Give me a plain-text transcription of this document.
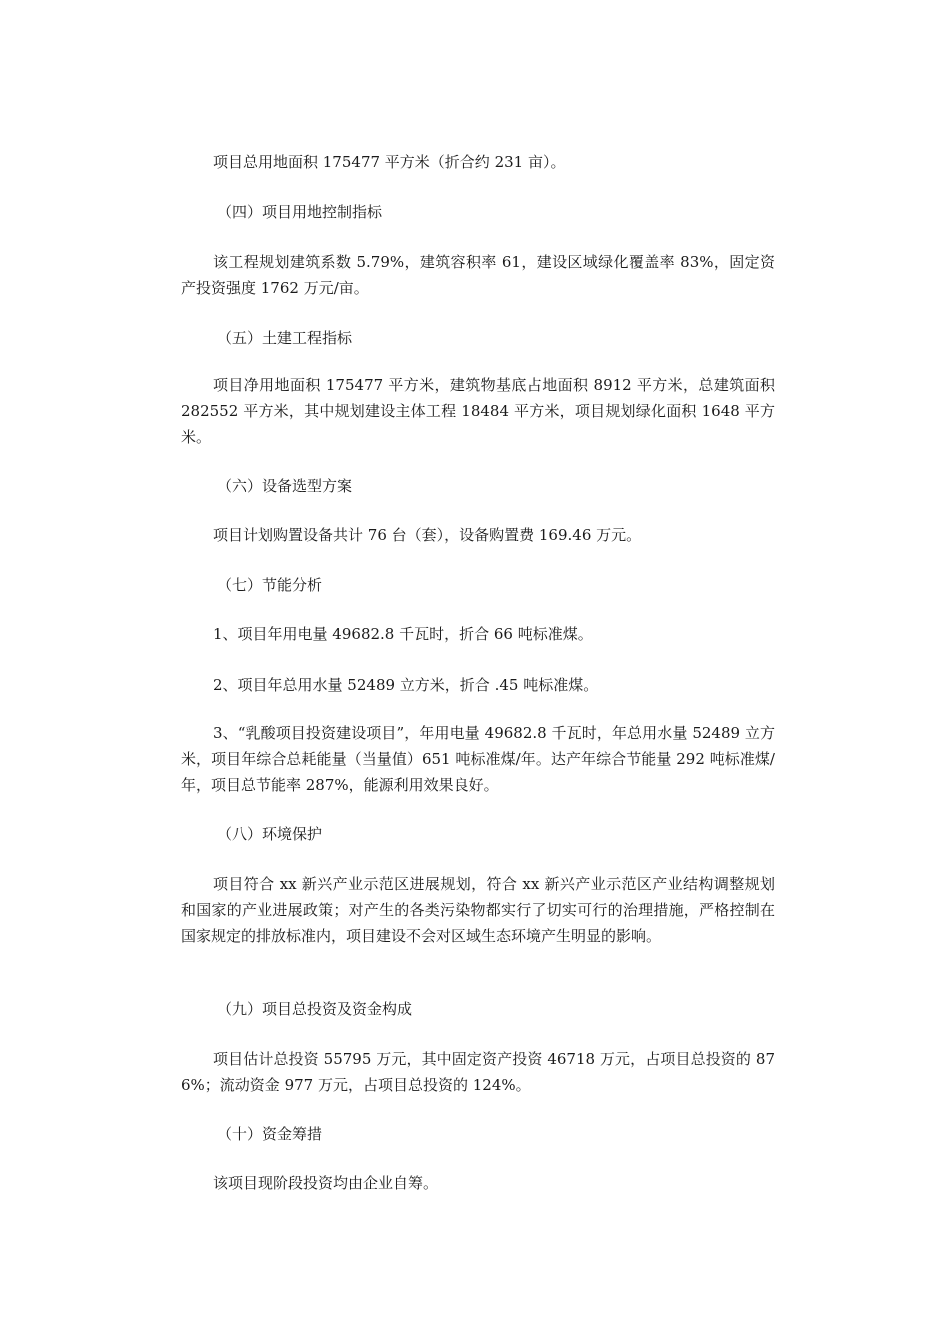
项目总用地面积 175477 平方米（折合约 231 亩）。

（四）项目用地控制指标

该工程规划建筑系数 5.79%，建筑容积率 61，建设区域绿化覆盖率 83%，固定资产投资强度 1762 万元/亩。

（五）土建工程指标

项目净用地面积 175477 平方米，建筑物基底占地面积 8912 平方米，总建筑面积 282552 平方米，其中规划建设主体工程 18484 平方米，项目规划绿化面积 1648 平方米。

（六）设备选型方案

项目计划购置设备共计 76 台（套），设备购置费 169.46 万元。

（七）节能分析

1、项目年用电量 49682.8 千瓦时，折合 66 吨标准煤。

2、项目年总用水量 52489 立方米，折合 .45 吨标准煤。

3、“乳酸项目投资建设项目”，年用电量 49682.8 千瓦时，年总用水量 52489 立方米，项目年综合总耗能量（当量值）651 吨标准煤/年。达产年综合节能量 292 吨标准煤/年，项目总节能率 287%，能源利用效果良好。

（八）环境保护

项目符合 xx 新兴产业示范区进展规划，符合 xx 新兴产业示范区产业结构调整规划和国家的产业进展政策；对产生的各类污染物都实行了切实可行的治理措施，严格控制在国家规定的排放标准内，项目建设不会对区域生态环境产生明显的影响。

（九）项目总投资及资金构成

项目估计总投资 55795 万元，其中固定资产投资 46718 万元，占项目总投资的 876%；流动资金 977 万元，占项目总投资的 124%。

（十）资金筹措

该项目现阶段投资均由企业自筹。
